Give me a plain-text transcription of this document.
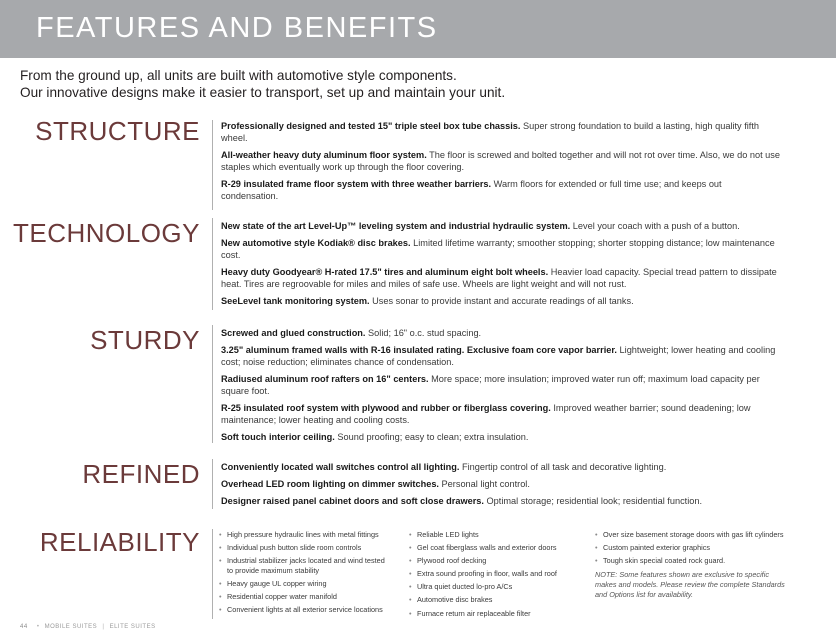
FEATURES AND BENEFITS
From the ground up, all units are built with automotive style components.
Our innovative designs make it easier to transport, set up and maintain your unit.
STRUCTURE Professionally designed and tested 15" triple steel box tube chassis. Super strong foundation to build a lasting, high quality fifth wheel.
All-weather heavy duty aluminum floor system. The floor is screwed and bolted together and will not rot over time. Also, we do not use staples which eventually work up through the floor covering.
R-29 insulated frame floor system with three weather barriers. Warm floors for extended or full time use; and keeps out condensation.
TECHNOLOGY New state of the art Level-Up™ leveling system and industrial hydraulic system. Level your coach with a push of a button.
New automotive style Kodiak® disc brakes. Limited lifetime warranty; smoother stopping; shorter stopping distance; low maintenance cost.
Heavy duty Goodyear® H-rated 17.5" tires and aluminum eight bolt wheels. Heavier load capacity. Special tread pattern to dissipate heat. Tires are regroovable for miles and miles of safe use. Wheels are light weight and will not rust.
SeeLevel tank monitoring system. Uses sonar to provide instant and accurate readings of all tanks.
STURDY Screwed and glued construction. Solid; 16" o.c. stud spacing.
3.25" aluminum framed walls with R-16 insulated rating. Exclusive foam core vapor barrier. Lightweight; lower heating and cooling cost; noise reduction; eliminates chance of condensation.
Radiused aluminum roof rafters on 16" centers. More space; more insulation; improved water run off; maximum load capacity per square foot.
R-25 insulated roof system with plywood and rubber or fiberglass covering. Improved weather barrier; sound deadening; low maintenance; lower heating and cooling costs.
Soft touch interior ceiling. Sound proofing; easy to clean; extra insulation.
REFINED Conveniently located wall switches control all lighting. Fingertip control of all task and decorative lighting.
Overhead LED room lighting on dimmer switches. Personal light control.
Designer raised panel cabinet doors and soft close drawers. Optimal storage; residential look; residential function.
RELIABILITY	• High pressure hydraulic lines with metal fittings
• Individual push button slide room controls
• Industrial stabilizer jacks located and wind tested to provide maximum stability
• Heavy gauge UL copper wiring
• Residential copper water manifold
• Convenient lights at all exterior service locations
• Reliable LED lights
• Gel coat fiberglass walls and exterior doors
• Plywood roof decking
• Extra sound proofing in floor, walls and roof
• Ultra quiet ducted lo-pro A/Cs
• Automotive disc brakes
• Furnace return air replaceable filter
• Over size basement storage doors with gas lift cylinders
• Custom painted exterior graphics
• Tough skin special coated rock guard.
NOTE: Some features shown are exclusive to specific makes and models. Please review the complete Standards and Options list for availability.
44 • MOBILE SUITES | ELITE SUITES
